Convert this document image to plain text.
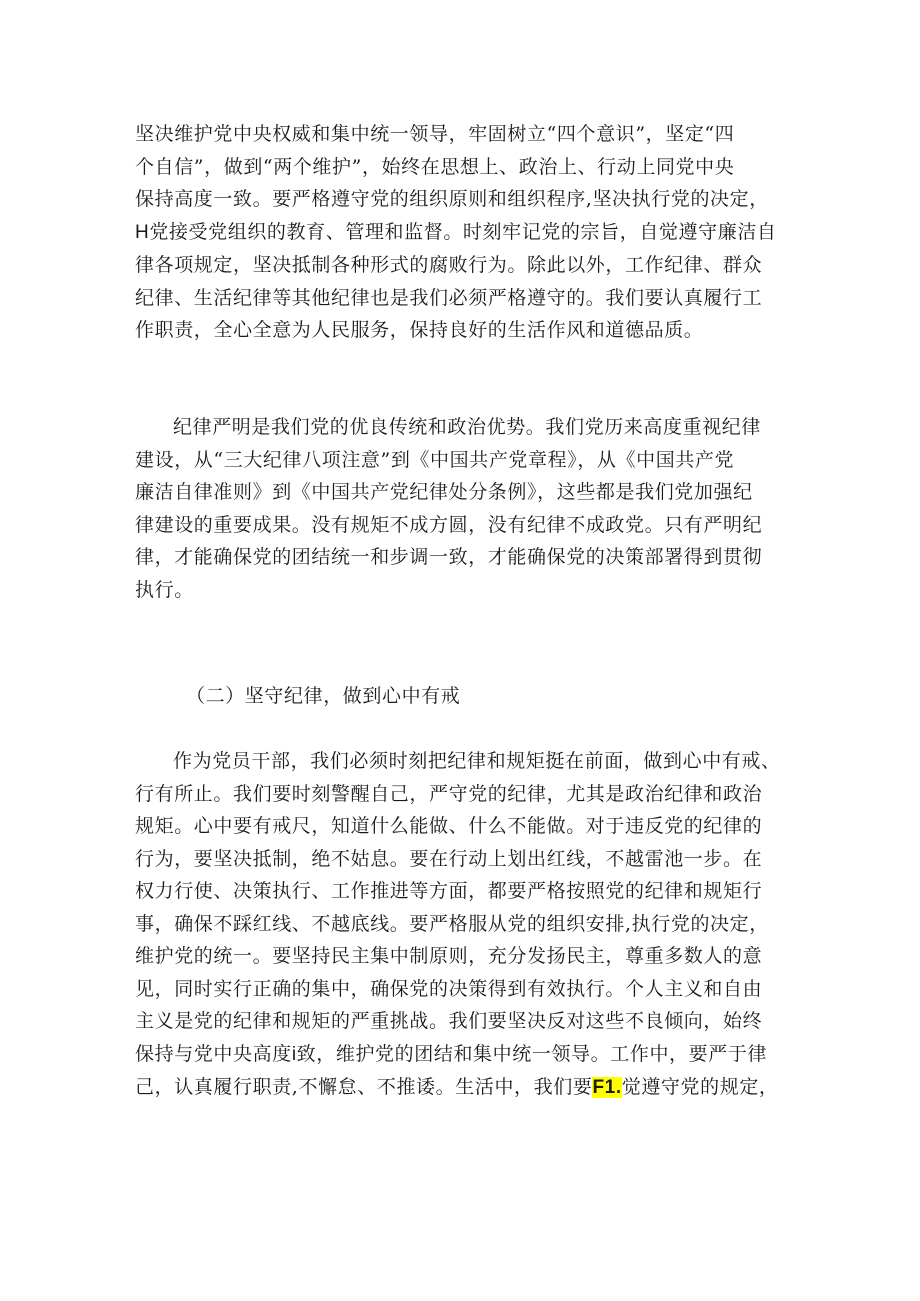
坚决维护党中央权威和集中统一领导，牢固树立“四个意识”，坚定“四
个自信”，做到“两个维护”，始终在思想上、政治上、行动上同党中央
保持高度一致。要严格遵守党的组织原则和组织程序,坚决执行党的决定，
H党接受党组织的教育、管理和监督。时刻牢记党的宗旨，自觉遵守廉洁自
律各项规定，坚决抵制各种形式的腐败行为。除此以外，工作纪律、群众
纪律、生活纪律等其他纪律也是我们必须严格遵守的。我们要认真履行工
作职责，全心全意为人民服务，保持良好的生活作风和道德品质。
纪律严明是我们党的优良传统和政治优势。我们党历来高度重视纪律
建设，从“三大纪律八项注意”到《中国共产党章程》，从《中国共产党
廉洁自律准则》到《中国共产党纪律处分条例》，这些都是我们党加强纪
律建设的重要成果。没有规矩不成方圆，没有纪律不成政党。只有严明纪
律，才能确保党的团结统一和步调一致，才能确保党的决策部署得到贯彻
执行。
（二）坚守纪律，做到心中有戒
作为党员干部，我们必须时刻把纪律和规矩挺在前面，做到心中有戒、
行有所止。我们要时刻警醒自己，严守党的纪律，尤其是政治纪律和政治
规矩。心中要有戒尺，知道什么能做、什么不能做。对于违反党的纪律的
行为，要坚决抵制，绝不姑息。要在行动上划出红线，不越雷池一步。在
权力行使、决策执行、工作推进等方面，都要严格按照党的纪律和规矩行
事，确保不踩红线、不越底线。要严格服从党的组织安排,执行党的决定，
维护党的统一。要坚持民主集中制原则，充分发扬民主，尊重多数人的意
见，同时实行正确的集中，确保党的决策得到有效执行。个人主义和自由
主义是党的纪律和规矩的严重挑战。我们要坚决反对这些不良倾向，始终
保持与党中央高度i致，维护党的团结和集中统一领导。工作中，要严于律
己，认真履行职责,不懈怠、不推诿。生活中，我们要F1.觉遵守党的规定，
